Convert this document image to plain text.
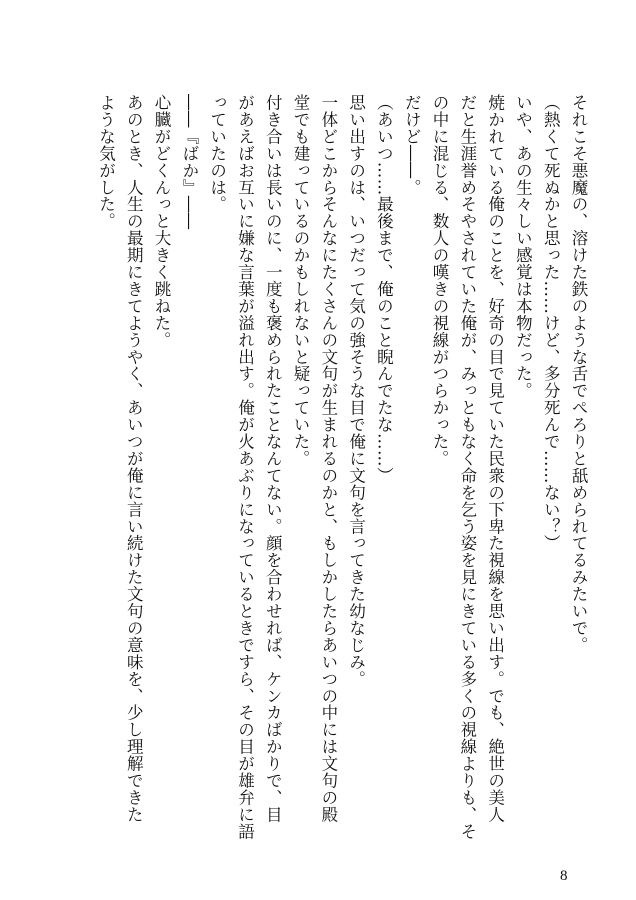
それこそ悪魔の、溶けた鉄のような舌でぺろりと舐められてるみたいで。

（熱くて死ぬかと思った……けど、多分死んで……ない？）

いや、あの生々しい感覚は本物だった。

焼かれている俺のことを、好奇の目で見ていた民衆の下卑た視線を思い出す。でも、絶世の美人

だと生涯誉めそやされていた俺が、みっともなく命を乞う姿を見にきている多くの視線よりも、そ

の中に混じる、数人の嘆きの視線がつらかった。

だけど――。

（あいつ……最後まで、俺のこと睨んでたな……）

思い出すのは、いつだって気の強そうな目で俺に文句を言ってきた幼なじみ。

一体どこからそんなにたくさんの文句が生まれるのかと、もしかしたらあいつの中には文句の殿

堂でも建っているのかもしれないと疑っていた。

付き合いは長いのに、一度も褒められたことなんてない。顔を合わせれば、ケンカばかりで、目

があえばお互いに嫌な言葉が溢れ出す。俺が火あぶりになっているときですら、その目が雄弁に語

っていたのは。

――『ばか』――

心臓がどくんっと大きく跳ねた。

あのとき、人生の最期にきてようやく、あいつが俺に言い続けた文句の意味を、少し理解できた

ような気がした。

8
